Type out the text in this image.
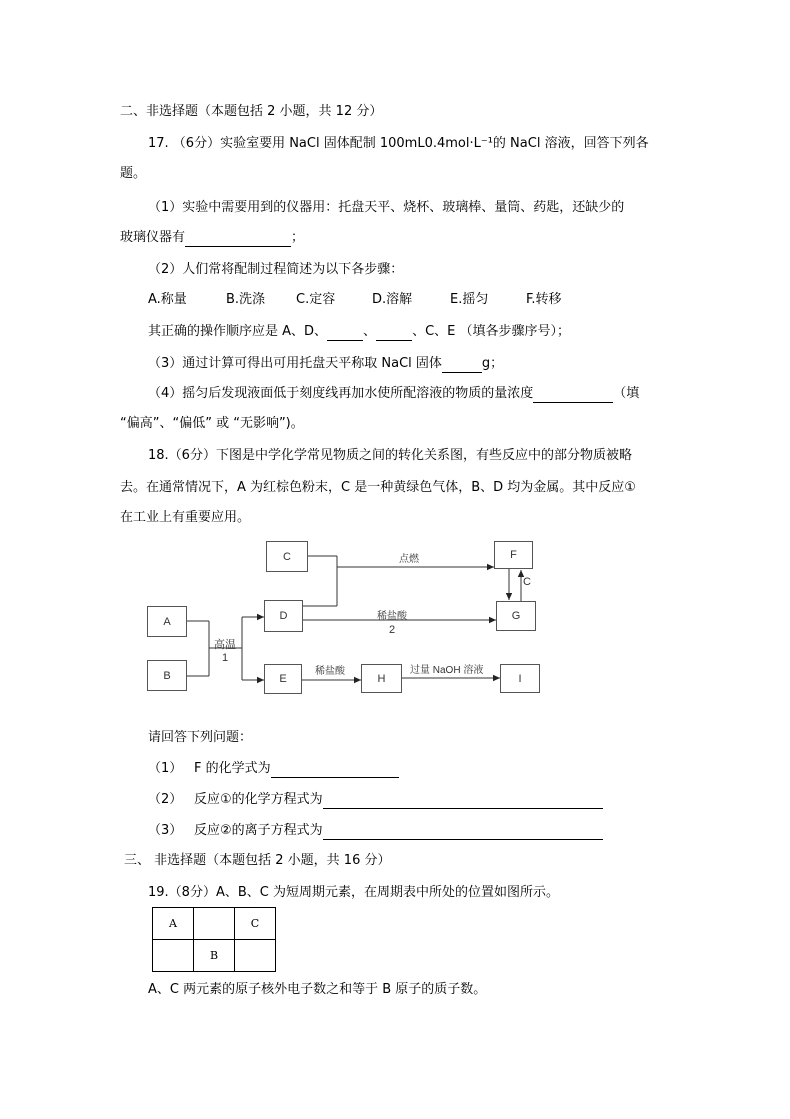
二、非选择题（本题包括 2 小题，共 12 分）
17. （6分）实验室要用 NaCl 固体配制 100mL0.4mol·L⁻¹的 NaCl 溶液，回答下列各
题。
（1）实验中需要用到的仪器用：托盘天平、烧杯、玻璃棒、量筒、药匙，还缺少的
玻璃仪器有	；
（2）人们常将配制过程简述为以下各步骤：
A.称量	B.洗涤 C.定容	D.溶解	E.摇匀	F.转移
其正确的操作顺序应是 A、D、	、	、C、E （填各步骤序号）；
（3）通过计算可得出可用托盘天平称取 NaCl 固体	g；
（4）摇匀后发现液面低于刻度线再加水使所配溶液的物质的量浓度	（填
“偏高”、“偏低” 或 “无影响”)。
18.（6分）下图是中学化学常见物质之间的转化关系图，有些反应中的部分物质被略
去。在通常情况下，A 为红棕色粉末，C 是一种黄绿色气体，B、D 均为金属。其中反应①
在工业上有重要应用。
C
A
B
D
E
F
G
H	I
点燃
高温
1
稀盐酸
2
稀盐酸	过量 NaOH 溶液
C
请回答下列问题：
（1） F 的化学式为
（2） 反应①的化学方程式为
（3） 反应②的离子方程式为
三、 非选择题（本题包括 2 小题，共 16 分）
19.（8分）A、B、C 为短周期元素，在周期表中所处的位置如图所示。
A		C
	B	
A、C 两元素的原子核外电子数之和等于 B 原子的质子数。
